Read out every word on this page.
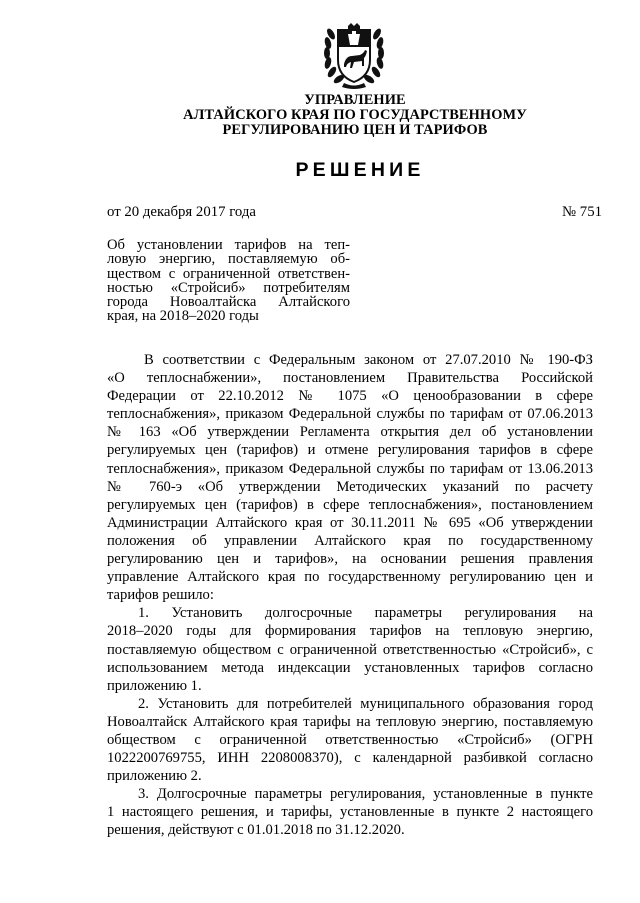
УПРАВЛЕНИЕ
АЛТАЙСКОГО КРАЯ ПО ГОСУДАРСТВЕННОМУ
РЕГУЛИРОВАНИЮ ЦЕН И ТАРИФОВ
РЕШЕНИЕ
от 20 декабря 2017 года	№ 751
Об установлении тарифов на теп-
ловую энергию, поставляемую об-
ществом с ограниченной ответствен-
ностью «Стройсиб» потребителям
города Новоалтайска Алтайского
края, на 2018–2020 годы
В соответствии с Федеральным законом от 27.07.2010 № 190-ФЗ
«О теплоснабжении», постановлением Правительства Российской
Федерации от 22.10.2012 № 1075 «О ценообразовании в сфере
теплоснабжения», приказом Федеральной службы по тарифам от 07.06.2013
№ 163 «Об утверждении Регламента открытия дел об установлении
регулируемых цен (тарифов) и отмене регулирования тарифов в сфере
теплоснабжения», приказом Федеральной службы по тарифам от 13.06.2013
№ 760-э «Об утверждении Методических указаний по расчету
регулируемых цен (тарифов) в сфере теплоснабжения», постановлением
Администрации Алтайского края от 30.11.2011 № 695 «Об утверждении
положения об управлении Алтайского края по государственному
регулированию цен и тарифов», на основании решения правления
управление Алтайского края по государственному регулированию цен и
тарифов решило:
1. Установить долгосрочные параметры регулирования на
2018–2020 годы для формирования тарифов на тепловую энергию,
поставляемую обществом с ограниченной ответственностью «Стройсиб», с
использованием метода индексации установленных тарифов согласно
приложению 1.
2. Установить для потребителей муниципального образования город
Новоалтайск Алтайского края тарифы на тепловую энергию, поставляемую
обществом с ограниченной ответственностью «Стройсиб» (ОГРН
1022200769755, ИНН 2208008370), с календарной разбивкой согласно
приложению 2.
3. Долгосрочные параметры регулирования, установленные в пункте
1 настоящего решения, и тарифы, установленные в пункте 2 настоящего
решения, действуют с 01.01.2018 по 31.12.2020.
